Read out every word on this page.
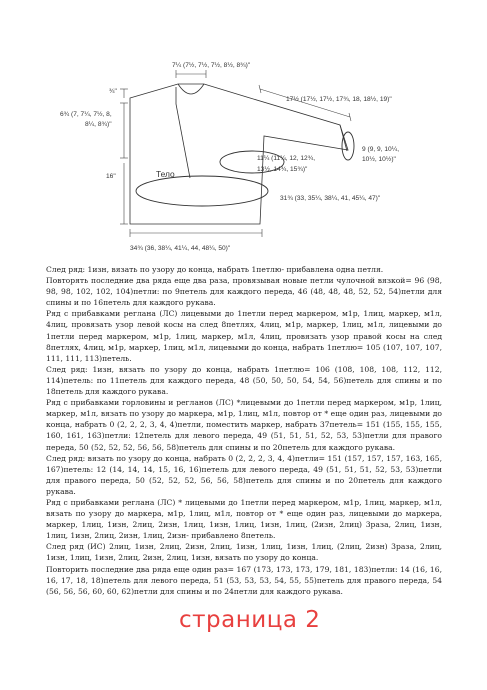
7¼ (7½, 7½, 7½, 8½, 8¾)"
17½ (17½, 17½, 17¾, 18, 18½, 19)"
¾"
6¾ (7, 7¼, 7½, 8,
8¼, 8¾)"
9 (9, 9, 10¼,
10½, 10½)"
11¼ (11¼, 12, 12¾,
13½, 14¾, 15¾)"
16"	Тело
31¾ (33, 35¼, 38¼, 41, 45¼, 47)"
34¾ (36, 38¼, 41¼, 44, 48¼, 50)"

След ряд: 1изн, вязать по узору до конца, набрать 1петлю- прибавлена одна петля.

Повторять последние два ряда еще два раза, провязывая новые петли чулочной вязкой= 96 (98, 98, 98, 102, 102, 104)петли: по 9петель для каждого переда, 46 (48, 48, 48, 52, 52, 54)петли для спины и по 16петель для каждого рукава.

Ряд с прибавками реглана (ЛС) лицевыми до 1петли перед маркером, м1р, 1лиц, маркер, м1л, 4лиц, провязать узор левой косы на след 8петлях, 4лиц, м1р, маркер, 1лиц, м1л, лицевыми до 1петли перед маркером, м1р, 1лиц, маркер, м1л, 4лиц, провязать узор правой косы на след 8петлях, 4лиц, м1р, маркер, 1лиц, м1л, лицевыми до конца, набрать 1петлю= 105 (107, 107, 107, 111, 111, 113)петель.

След ряд: 1изн, вязать по узору до конца, набрать 1петлю= 106 (108, 108, 108, 112, 112, 114)петель: по 11петель для каждого переда, 48 (50, 50, 50, 54, 54, 56)петель для спины и по 18петель для каждого рукава.

Ряд с прибавками горловины и регланов (ЛС) *лицевыми до 1петли перед маркером, м1р, 1лиц, маркер, м1л, вязать по узору до маркера, м1р, 1лиц, м1л, повтор от * еще один раз, лицевыми до конца, набрать 0 (2, 2, 2, 3, 4, 4)петли, поместить маркер, набрать 37петель= 151 (155, 155, 155, 160, 161, 163)петли: 12петель для левого переда, 49 (51, 51, 51, 52, 53, 53)петли для правого переда, 50 (52, 52, 52, 56, 56, 58)петель для спины и по 20петель для каждого рукава.

След ряд: вязать по узору до конца, набрать 0 (2, 2, 2, 3, 4, 4)петли= 151 (157, 157, 157, 163, 165, 167)петель: 12 (14, 14, 14, 15, 16, 16)петель для левого переда, 49 (51, 51, 51, 52, 53, 53)петли для правого переда, 50 (52, 52, 52, 56, 56, 58)петель для спины и по 20петель для каждого рукава.

Ряд с прибавками реглана (ЛС) * лицевыми до 1петли перед маркером, м1р, 1лиц, маркер, м1л, вязать по узору до маркера, м1р, 1лиц, м1л, повтор от * еще один раз, лицевыми до маркера, маркер, 1лиц, 1изн, 2лиц, 2изн, 1лиц, 1изн, 1лиц, 1изн, 1лиц, (2изн, 2лиц) 3раза, 2лиц, 1изн, 1лиц, 1изн, 2лиц, 2изн, 1лиц, 2изн- прибавлено 8петель.

След ряд (ИС) 2лиц, 1изн, 2лиц, 2изн, 2лиц, 1изн, 1лиц, 1изн, 1лиц, (2лиц, 2изн) 3раза, 2лиц, 1изн, 1лиц, 1изн, 2лиц, 2изн, 2лиц, 1изн, вязать по узору до конца.

Повторить последние два ряда еще один раз= 167 (173, 173, 173, 179, 181, 183)петли: 14 (16, 16, 16, 17, 18, 18)петель для левого переда, 51 (53, 53, 53, 54, 55, 55)петель для правого переда, 54 (56, 56, 56, 60, 60, 62)петли для спины и по 24петли для каждого рукава.

страница 2
